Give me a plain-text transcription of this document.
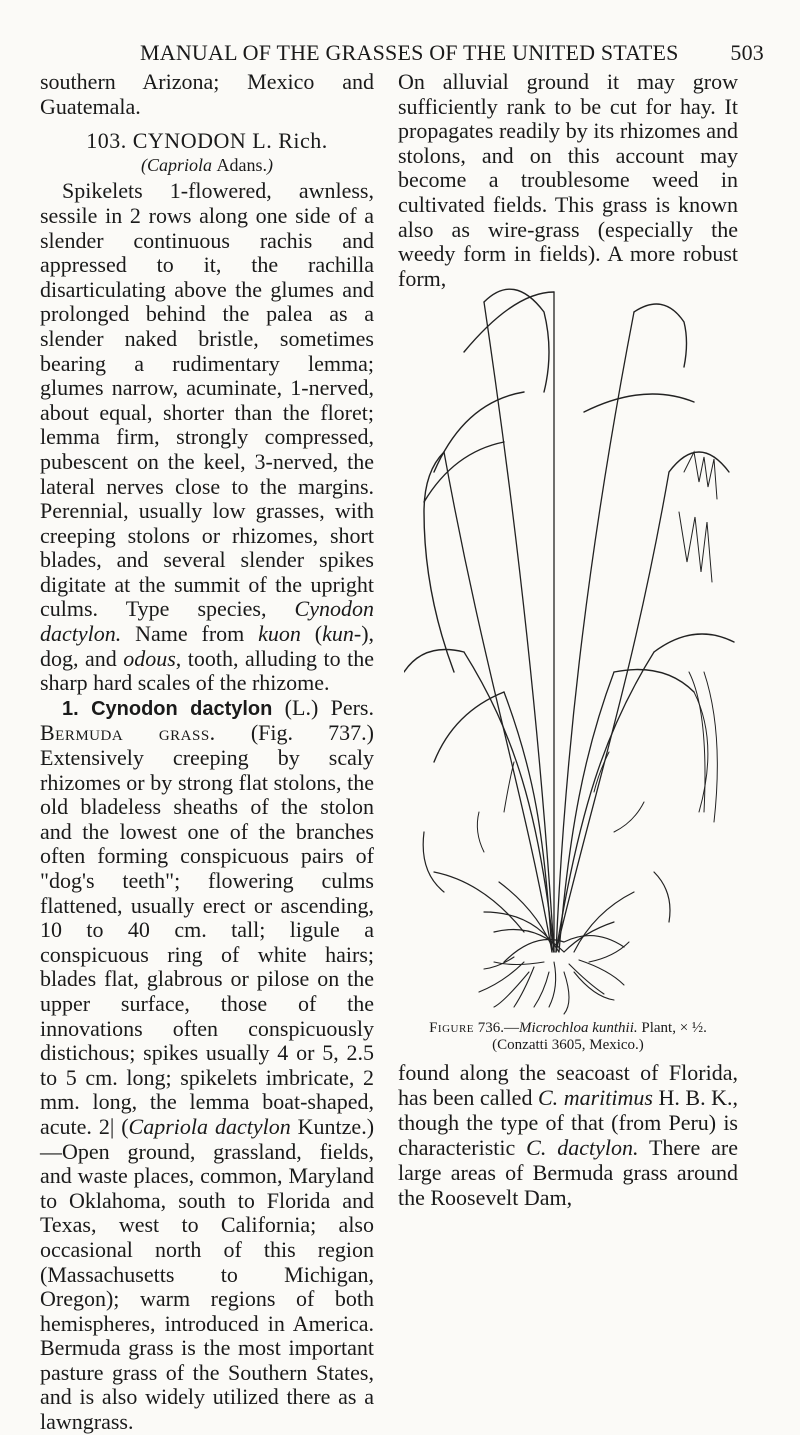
MANUAL OF THE GRASSES OF THE UNITED STATES 503

southern Arizona; Mexico and Guatemala.

103. CYNODON L. Rich.

(Capriola Adans.)

Spikelets 1-flowered, awnless, sessile in 2 rows along one side of a slender continuous rachis and appressed to it, the rachilla disarticulating above the glumes and prolonged behind the palea as a slender naked bristle, sometimes bearing a rudimentary lemma; glumes narrow, acuminate, 1-nerved, about equal, shorter than the floret; lemma firm, strongly compressed, pubescent on the keel, 3-nerved, the lateral nerves close to the margins. Perennial, usually low grasses, with creeping stolons or rhizomes, short blades, and several slender spikes digitate at the summit of the upright culms. Type species, Cynodon dactylon. Name from kuon (kun-), dog, and odous, tooth, alluding to the sharp hard scales of the rhizome.

1. Cynodon dactylon (L.) Pers. Bermuda grass. (Fig. 737.) Extensively creeping by scaly rhizomes or by strong flat stolons, the old bladeless sheaths of the stolon and the lowest one of the branches often forming conspicuous pairs of "dog's teeth"; flowering culms flattened, usually erect or ascending, 10 to 40 cm. tall; ligule a conspicuous ring of white hairs; blades flat, glabrous or pilose on the upper surface, those of the innovations often conspicuously distichous; spikes usually 4 or 5, 2.5 to 5 cm. long; spikelets imbricate, 2 mm. long, the lemma boat-shaped, acute. 2| (Capriola dactylon Kuntze.)—Open ground, grassland, fields, and waste places, common, Maryland to Oklahoma, south to Florida and Texas, west to California; also occasional north of this region (Massachusetts to Michigan, Oregon); warm regions of both hemispheres, introduced in America. Bermuda grass is the most important pasture grass of the Southern States, and is also widely utilized there as a lawngrass.

On alluvial ground it may grow sufficiently rank to be cut for hay. It propagates readily by its rhizomes and stolons, and on this account may become a troublesome weed in cultivated fields. This grass is known also as wire-grass (especially the weedy form in fields). A more robust form,

Figure 736.—Microchloa kunthii. Plant, × ½.
(Conzatti 3605, Mexico.)

found along the seacoast of Florida, has been called C. maritimus H. B. K., though the type of that (from Peru) is characteristic C. dactylon. There are large areas of Bermuda grass around the Roosevelt Dam,
